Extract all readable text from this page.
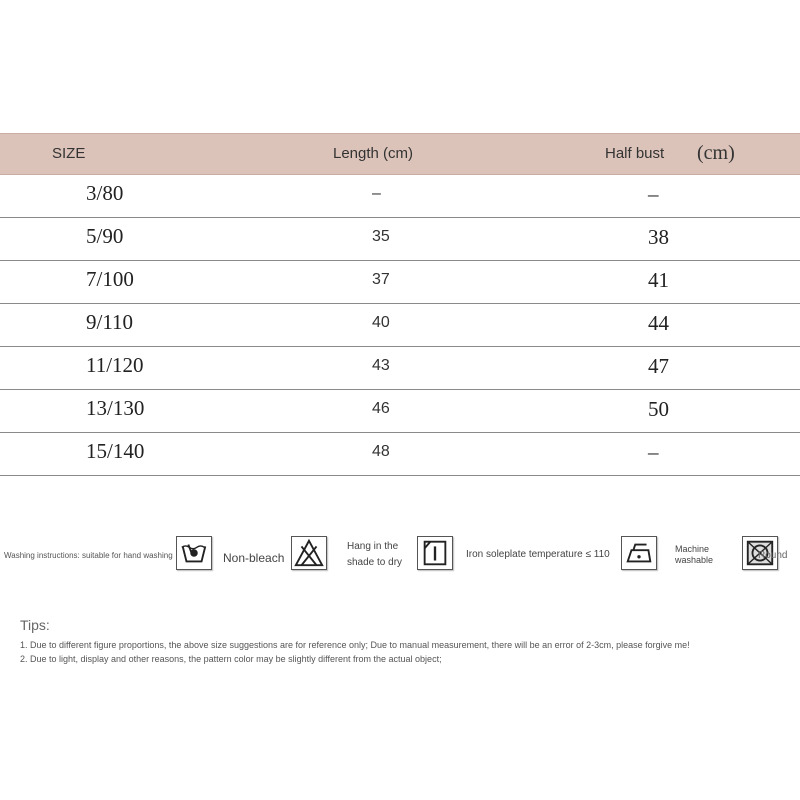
SIZE	Length (cm)	Half bust (cm)
3/80	–	–
5/90	35	38
7/100	37	41
9/110	40	44
11/120	43	47
13/130	46	50
15/140	48	–
Washing instructions: suitable for hand washing	Non-bleach
Hang in the
shade to dry
Iron soleplate temperature ≤ 110	Machine
washable	Round
Tips:

1. Due to different figure proportions, the above size suggestions are for reference only; Due to manual measurement, there will be an error of 2-3cm, please forgive me!

2. Due to light, display and other reasons, the pattern color may be slightly different from the actual object;
